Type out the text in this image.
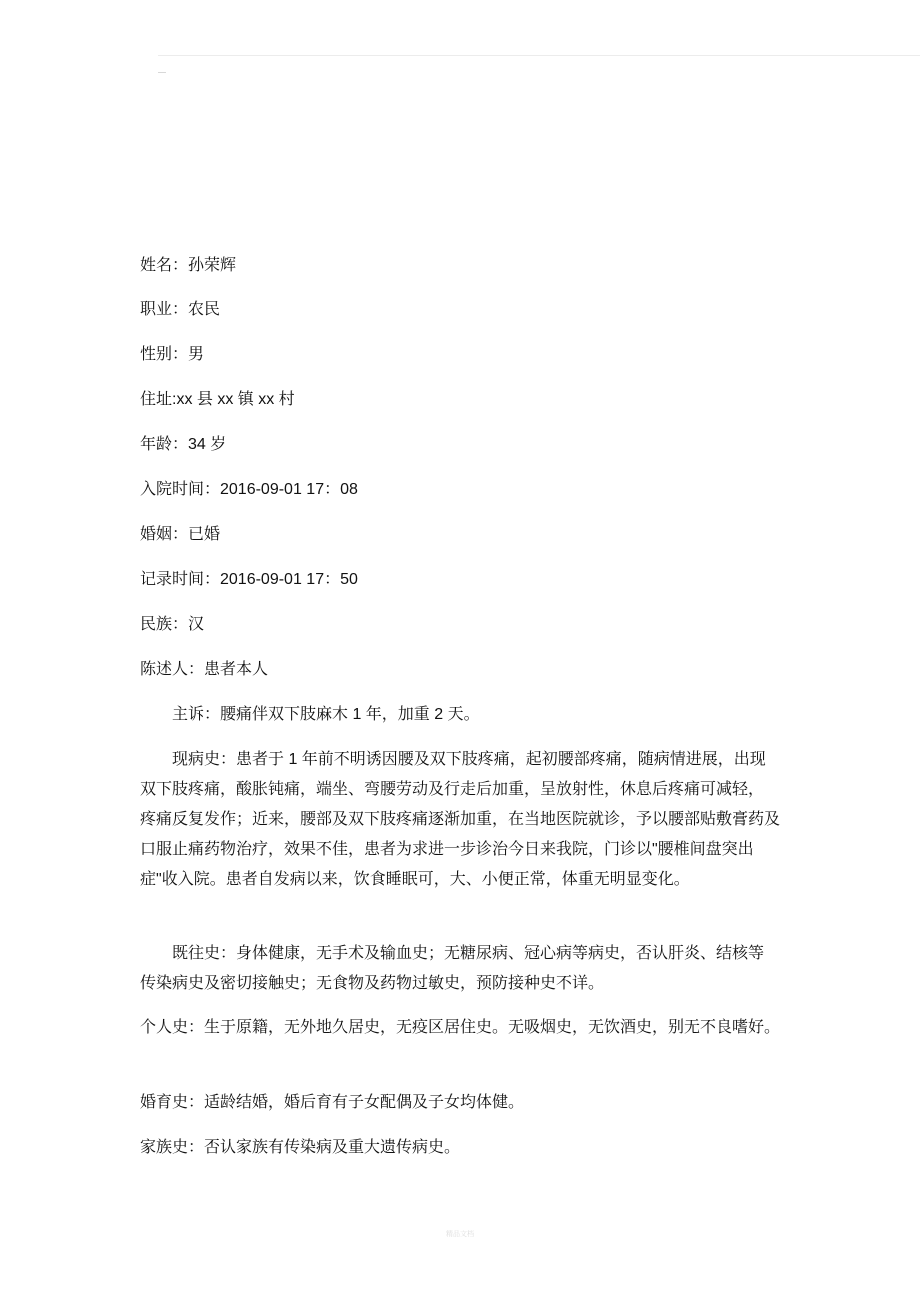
姓名：孙荣辉
职业：农民
性别：男
住址:xx 县 xx 镇 xx 村
年龄：34 岁
入院时间：2016-09-01 17：08
婚姻：已婚
记录时间：2016-09-01 17：50
民族：汉
陈述人：患者本人

主诉：腰痛伴双下肢麻木 1 年，加重 2 天。

现病史：患者于 1 年前不明诱因腰及双下肢疼痛，起初腰部疼痛，随病情进展，出现双下肢疼痛，酸胀钝痛，端坐、弯腰劳动及行走后加重，呈放射性，休息后疼痛可减轻，疼痛反复发作；近来，腰部及双下肢疼痛逐渐加重，在当地医院就诊，予以腰部贴敷膏药及口服止痛药物治疗，效果不佳，患者为求进一步诊治今日来我院，门诊以"腰椎间盘突出症"收入院。患者自发病以来，饮食睡眠可，大、小便正常，体重无明显变化。

既往史：身体健康，无手术及输血史；无糖尿病、冠心病等病史，否认肝炎、结核等传染病史及密切接触史；无食物及药物过敏史，预防接种史不详。

个人史：生于原籍，无外地久居史，无疫区居住史。无吸烟史，无饮酒史，别无不良嗜好。

婚育史：适龄结婚，婚后育有子女配偶及子女均体健。

家族史：否认家族有传染病及重大遗传病史。

精品文档
